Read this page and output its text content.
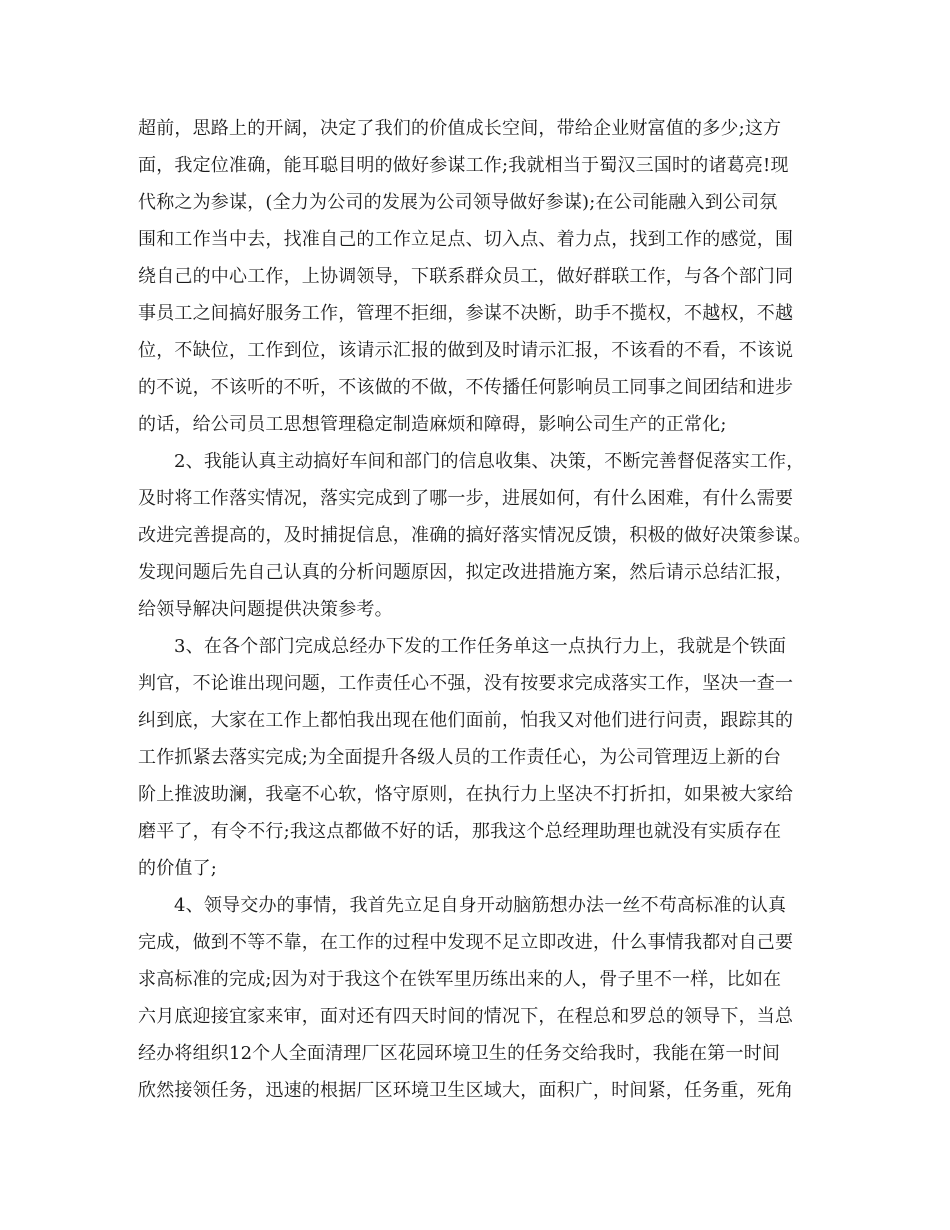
超前，思路上的开阔，决定了我们的价值成长空间，带给企业财富值的多少;这方
面，我定位准确，能耳聪目明的做好参谋工作;我就相当于蜀汉三国时的诸葛亮!现
代称之为参谋，(全力为公司的发展为公司领导做好参谋);在公司能融入到公司氛
围和工作当中去，找准自己的工作立足点、切入点、着力点，找到工作的感觉，围
绕自己的中心工作，上协调领导，下联系群众员工，做好群联工作，与各个部门同
事员工之间搞好服务工作，管理不拒细，参谋不决断，助手不揽权，不越权，不越
位，不缺位，工作到位，该请示汇报的做到及时请示汇报，不该看的不看，不该说
的不说，不该听的不听，不该做的不做，不传播任何影响员工同事之间团结和进步
的话，给公司员工思想管理稳定制造麻烦和障碍，影响公司生产的正常化;
2、我能认真主动搞好车间和部门的信息收集、决策，不断完善督促落实工作，
及时将工作落实情况，落实完成到了哪一步，进展如何，有什么困难，有什么需要
改进完善提高的，及时捕捉信息，准确的搞好落实情况反馈，积极的做好决策参谋。
发现问题后先自己认真的分析问题原因，拟定改进措施方案，然后请示总结汇报，
给领导解决问题提供决策参考。
3、在各个部门完成总经办下发的工作任务单这一点执行力上，我就是个铁面
判官，不论谁出现问题，工作责任心不强，没有按要求完成落实工作，坚决一查一
纠到底，大家在工作上都怕我出现在他们面前，怕我又对他们进行问责，跟踪其的
工作抓紧去落实完成;为全面提升各级人员的工作责任心，为公司管理迈上新的台
阶上推波助澜，我毫不心软，恪守原则，在执行力上坚决不打折扣，如果被大家给
磨平了，有令不行;我这点都做不好的话，那我这个总经理助理也就没有实质存在
的价值了;
4、领导交办的事情，我首先立足自身开动脑筋想办法一丝不苟高标准的认真
完成，做到不等不靠，在工作的过程中发现不足立即改进，什么事情我都对自己要
求高标准的完成;因为对于我这个在铁军里历练出来的人，骨子里不一样，比如在
六月底迎接宜家来审，面对还有四天时间的情况下，在程总和罗总的领导下，当总
经办将组织12个人全面清理厂区花园环境卫生的任务交给我时，我能在第一时间
欣然接领任务，迅速的根据厂区环境卫生区域大，面积广，时间紧，任务重，死角
